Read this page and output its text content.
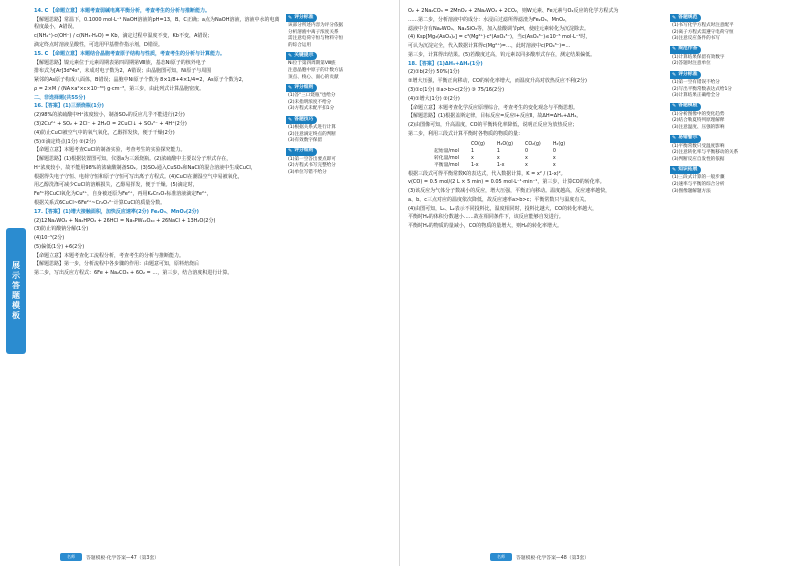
展
示
答
题
模
板
14. C 【命题立意】本题考查弱碱电离平衡分析，考查考生的分析与推断能力。
【解题思路】常温下，0.1000 mol·L⁻¹ NaOH溶液的pH=13，B、C正确；a点为NaOH溶液，溶液中水的电离程度最小，A错误。
c(NH₄⁺)·c(OH⁻) / c(NH₃·H₂O) = Kb，滴定过程中温度不变，Kb不变，A错误；
滴定终点时溶液呈酸性，可选用甲基橙作指示剂，D错误。
15. C 【命题立意】本题结合晶胞考查原子结构与性质，考查考生的分析与计算能力。
【解题思路】镍元素位于元素周期表第四周期第Ⅷ族，基态Ni原子的核外电子
排布式为[Ar]3d⁸4s²，未成对电子数为2，A错误；由晶胞图可知，Ni原子与周围
紧邻的As原子构成八面体，B错误；晶胞中Ni原子个数为 8×1/8+4×1/4=2，As原子个数为2，
ρ = 2×M / (NA×a²×c×10⁻³⁰) g·cm⁻³，第三步，由此列式计算晶胞密度。
二、非选择题(共55分)
16.【答案】(1)三颈烧瓶(1分)
(2)98%的浓硫酸中H⁺浓度较小，制备SO₂的反应几乎不能进行(2分)
(3)2Cu²⁺ + SO₂ + 2Cl⁻ + 2H₂O = 2CuCl↓ + SO₄²⁻ + 4H⁺(2分)
(4)防止CuCl被空气中的氧气氧化，乙醇挥发快，便于干燥(2分)
(5)①滴定终点(1分) ②(2分)
【命题立意】本题考查CuCl的制备实验，考查考生的实验探究能力。
【解题思路】(1)根据装置图可知，仪器a为三颈烧瓶。(2)浓硫酸中主要以分子形式存在，
H⁺浓度较小，故不能用98%的浓硫酸制备SO₂。(3)SO₂通入CuSO₄和NaCl的混合溶液中生成CuCl，
根据得失电子守恒、电荷守恒和原子守恒可写出离子方程式。(4)CuCl在潮湿空气中易被氧化，
用乙醇洗涤可减少CuCl的溶解损失，乙醇易挥发，便于干燥。(5)滴定时，
Fe³⁺将CuCl氧化为Cu²⁺，自身被还原为Fe²⁺，再用K₂Cr₂O₇标准溶液滴定Fe²⁺，
根据关系式6CuCl~6Fe²⁺~Cr₂O₇²⁻计算CuCl的质量分数。
17.【答案】(1)增大接触面积，加快反应速率(2分) Fe₂O₃、MnO₂(2分)
(2)12Na₂WO₄ + Na₂HPO₄ + 26HCl = Na₃PW₁₂O₄₀ + 26NaCl + 13H₂O(2分)
(3)防止钨酸钠分解(1分)
(4)10⁻⁵(2分)
(5)偏低(1分) +6(2分)
【命题立意】本题考查化工流程分析，考查考生的分析与推断能力。
【解题思路】第一步，分析流程中各步骤的作用：由题意可知，原料焙烧后
第二步，写出反应方程式：6Fe + Na₂CO₃ + 6O₂ = …，第三步，结合溶度积进行计算。
✎ 评分标准
该部分所述内容为评分依据
分析溶液中离子浓度关系
需注意电荷守恒与物料守恒
的综合运用
✎ 关键提示
Ni位于第四周期第Ⅷ族
注意晶胞中原子的计数方法
顶点、棱心、面心的贡献
✎ 评分细则
(1)答"三口烧瓶"也给分
(2)未指明浓度不给分
(3)方程式未配平扣1分
✎ 答题技巧
(1)根据关系式进行计算
(2)注意滴定终点的判断
(3)有效数字保留
✎ 评分细则
(1)第一空答出要点即可
(2)方程式书写完整给分
(3)单位写错不给分
名师	答题模板·化学答案—47（第3套）
O₂ + 2Na₂CO₃ = 2MnO₂ + 2Na₂WO₄ + 2CO₂，则W元素、Fe元素与O₂反应的化学方程式为
……第二步，分析溶液中的成分：水浸后过滤所得滤渣为Fe₂O₃、MnO₂，
滤液中含有Na₂WO₄、Na₂SiO₃等，加入盐酸调节pH，使硅元素转化为沉淀除去。
(4) Ksp[Mg₃(AsO₄)₂] = c³(Mg²⁺)·c²(AsO₄³⁻)，当c(AsO₄³⁻)≤10⁻⁵ mol·L⁻¹时，
可认为沉淀完全，代入数据计算得c(Mg²⁺)=…，此时溶液中c(PO₄³⁻)=…
第三步，计算得出结果。(5)若酸度过高，钨元素以同多酸形式存在，测定结果偏低。
18.【答案】(1)ΔH₁+ΔH₂(1分)
(2)①b(2分) 50%(1分)
②增大压强，平衡正向移动，CO的转化率增大，而温度升高对放热反应不利(2分)
(3)①c(1分) ②a>b>c(2分) ③ 75/16(2分)
(4)①增大(1分) ②(2分)
【命题立意】本题考查化学反应原理综合，考查考生的变化观念与平衡思想。
【解题思路】(1)根据盖斯定律，目标反应=反应Ⅰ+反应Ⅱ，故ΔH=ΔH₁+ΔH₂。
(2)由图像可知，升高温度，CO的平衡转化率降低，说明正反应为放热反应；
第二步，利用三段式计算平衡时各物质的物质的量：
	CO(g)	H₂O(g)	CO₂(g)	H₂(g)
起始量/mol	1	1	0	0
转化量/mol	x	x	x	x
平衡量/mol	1-x	1-x	x	x
根据三段式可得平衡常数K的表达式，代入数据计算，K = x² / (1-x)²。
v(CO) = 0.5 mol/(2 L × 5 min) = 0.05 mol·L⁻¹·min⁻¹，第三步，计算CO的转化率。
(3)该反应为气体分子数减小的反应，增大压强，平衡正向移动。温度越高，反应速率越快，
a、b、c三点对应的温度依次降低，故反应速率a>b>c；平衡常数只与温度有关。
(4)由图可知，L₁、L₂表示不同投料比，温度相同时，投料比越大，CO的转化率越大，
平衡时H₂的体积分数越小……故在相同条件下，该反应能够自发进行。
平衡时H₂的物质的量减小，CO的物质的量增大，则H₂的转化率增大。
✎ 答题规范
(1)书写化学方程式时注意配平
(2)离子方程式需遵守电荷守恒
(3)注意反应条件的书写
✎ 规范作答
(1)计算结果保留有效数字
(2)答题时注意单位
✎ 评分标准
(1)第一空有错误不给分
(2)写出平衡常数表达式给1分
(3)计算结果正确给全分
✎ 答题模板
(1)分析图像中的变化趋势
(2)结合勒夏特列原理解释
(3)注意温度、压强的影响
✎ 易错警示
(1)平衡常数只受温度影响
(2)注意转化率与平衡移动的关系
(3)判断反应自发性的依据
✎ 知识拓展
(1)三段式计算的一般步骤
(2)速率与平衡的综合分析
(3)图像题解题方法
名师	答题模板·化学答案—48（第3套）
